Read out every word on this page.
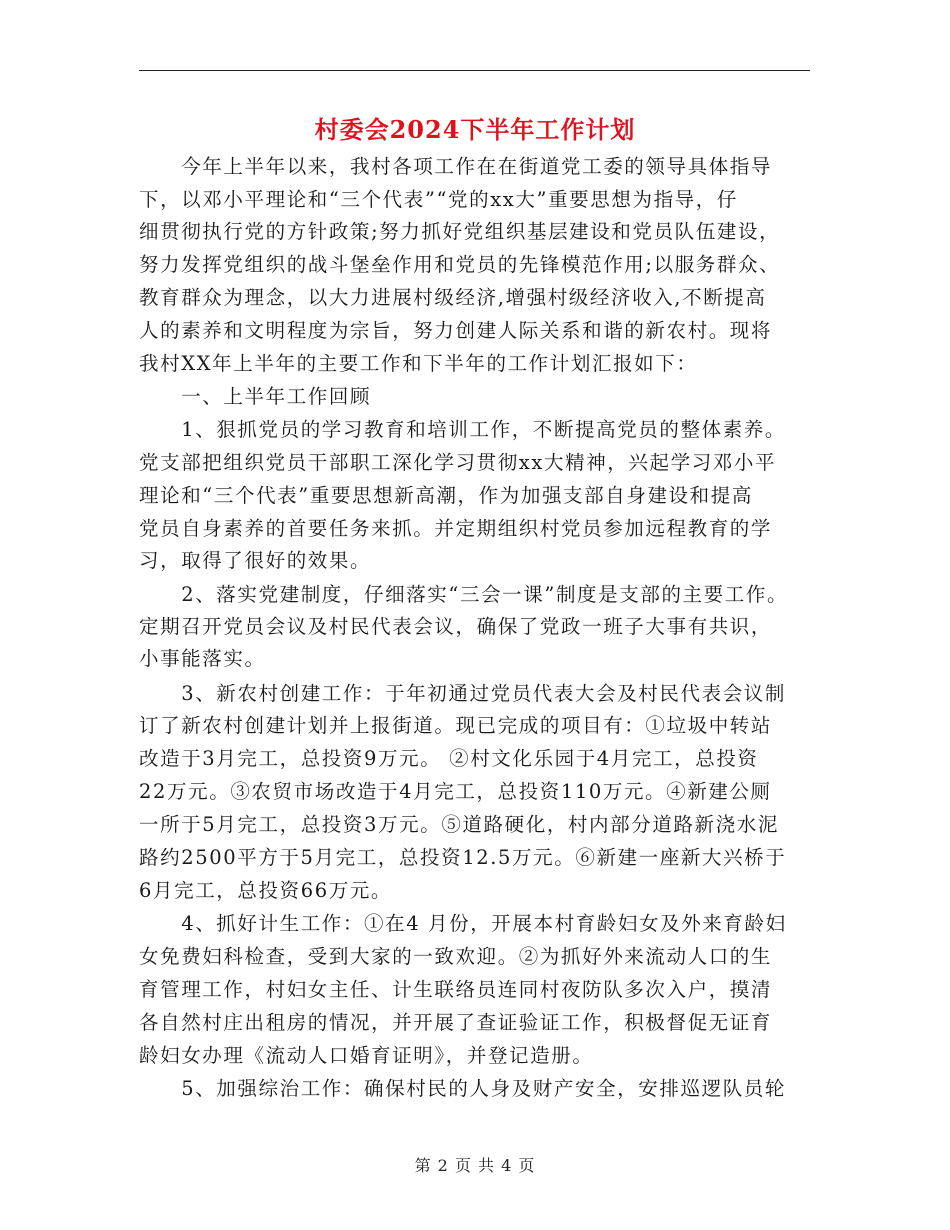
村委会2024下半年工作计划

　　今年上半年以来，我村各项工作在在街道党工委的领导具体指导

下，以邓小平理论和“三个代表”“党的xx大”重要思想为指导，仔

细贯彻执行党的方针政策;努力抓好党组织基层建设和党员队伍建设，

努力发挥党组织的战斗堡垒作用和党员的先锋模范作用;以服务群众、

教育群众为理念，以大力进展村级经济,增强村级经济收入,不断提高

人的素养和文明程度为宗旨，努力创建人际关系和谐的新农村。现将

我村XX年上半年的主要工作和下半年的工作计划汇报如下：

　　一、上半年工作回顾

　　1、狠抓党员的学习教育和培训工作，不断提高党员的整体素养。

党支部把组织党员干部职工深化学习贯彻xx大精神，兴起学习邓小平

理论和“三个代表”重要思想新高潮，作为加强支部自身建设和提高

党员自身素养的首要任务来抓。并定期组织村党员参加远程教育的学

习，取得了很好的效果。

　　2、落实党建制度，仔细落实“三会一课”制度是支部的主要工作。

定期召开党员会议及村民代表会议，确保了党政一班子大事有共识，

小事能落实。

　　3、新农村创建工作：于年初通过党员代表大会及村民代表会议制

订了新农村创建计划并上报街道。现已完成的项目有：①垃圾中转站

改造于3月完工，总投资9万元。 ②村文化乐园于4月完工，总投资

22万元。③农贸市场改造于4月完工，总投资110万元。④新建公厕

一所于5月完工，总投资3万元。⑤道路硬化，村内部分道路新浇水泥

路约2500平方于5月完工，总投资12.5万元。⑥新建一座新大兴桥于

6月完工，总投资66万元。

　　4、抓好计生工作：①在4 月份，开展本村育龄妇女及外来育龄妇

女免费妇科检查，受到大家的一致欢迎。②为抓好外来流动人口的生

育管理工作，村妇女主任、计生联络员连同村夜防队多次入户，摸清

各自然村庄出租房的情况，并开展了查证验证工作，积极督促无证育

龄妇女办理《流动人口婚育证明》，并登记造册。

　　5、加强综治工作：确保村民的人身及财产安全，安排巡逻队员轮

第 2 页 共 4 页
